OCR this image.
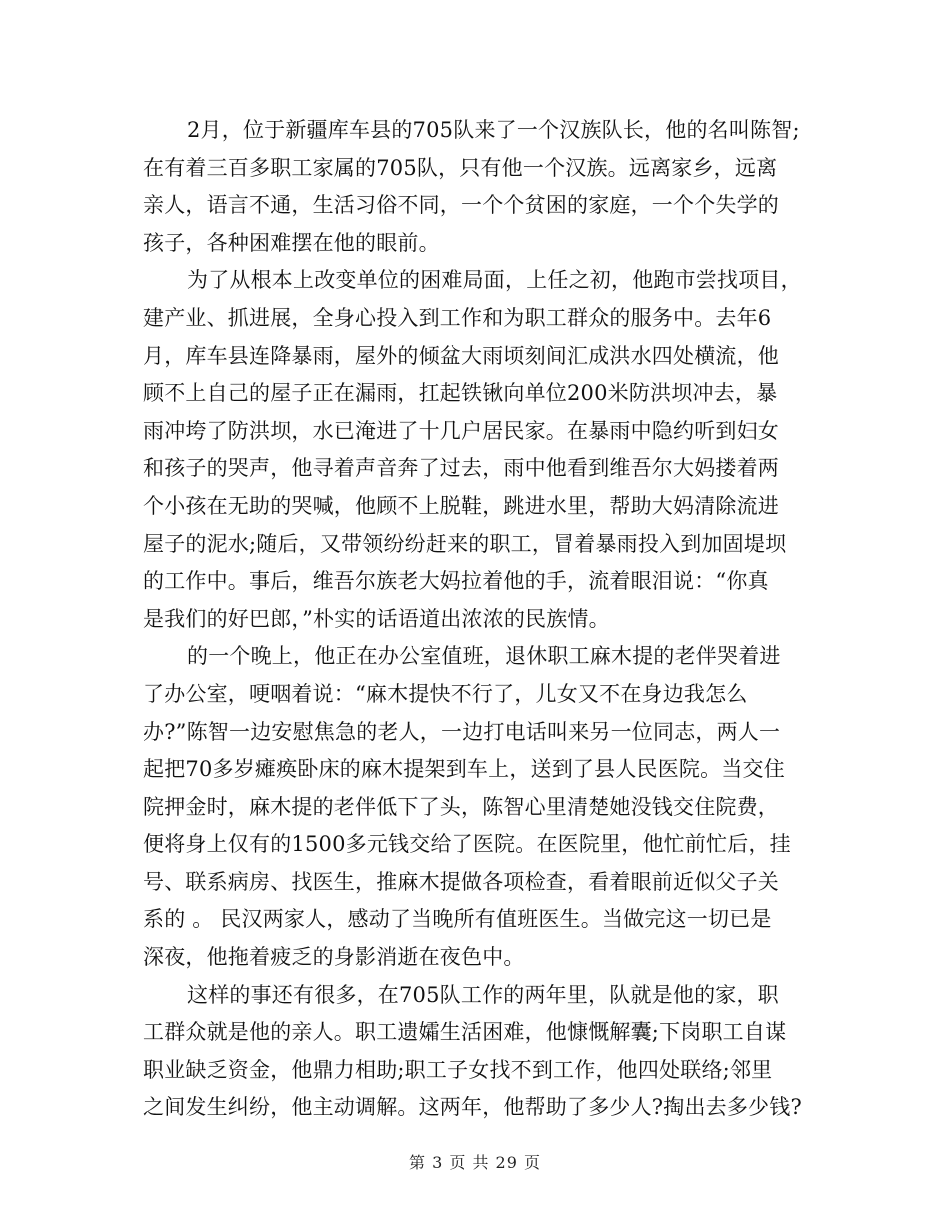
2月，位于新疆库车县的705队来了一个汉族队长，他的名叫陈智;
在有着三百多职工家属的705队，只有他一个汉族。远离家乡，远离
亲人，语言不通，生活习俗不同，一个个贫困的家庭，一个个失学的
孩子，各种困难摆在他的眼前。
为了从根本上改变单位的困难局面，上任之初，他跑市尝找项目，
建产业、抓进展，全身心投入到工作和为职工群众的服务中。去年6
月，库车县连降暴雨，屋外的倾盆大雨顷刻间汇成洪水四处横流，他
顾不上自己的屋子正在漏雨，扛起铁锹向单位200米防洪坝冲去，暴
雨冲垮了防洪坝，水已淹进了十几户居民家。在暴雨中隐约听到妇女
和孩子的哭声，他寻着声音奔了过去，雨中他看到维吾尔大妈搂着两
个小孩在无助的哭喊，他顾不上脱鞋，跳进水里，帮助大妈清除流进
屋子的泥水;随后，又带领纷纷赶来的职工，冒着暴雨投入到加固堤坝
的工作中。事后，维吾尔族老大妈拉着他的手，流着眼泪说：“你真
是我们的好巴郎，”朴实的话语道出浓浓的民族情。
的一个晚上，他正在办公室值班，退休职工麻木提的老伴哭着进
了办公室，哽咽着说：“麻木提快不行了，儿女又不在身边我怎么
办?”陈智一边安慰焦急的老人，一边打电话叫来另一位同志，两人一
起把70多岁瘫痪卧床的麻木提架到车上，送到了县人民医院。当交住
院押金时，麻木提的老伴低下了头，陈智心里清楚她没钱交住院费，
便将身上仅有的1500多元钱交给了医院。在医院里，他忙前忙后，挂
号、联系病房、找医生，推麻木提做各项检查，看着眼前近似父子关
系的 。 民汉两家人，感动了当晚所有值班医生。当做完这一切已是
深夜，他拖着疲乏的身影消逝在夜色中。
这样的事还有很多，在705队工作的两年里，队就是他的家，职
工群众就是他的亲人。职工遗孀生活困难，他慷慨解囊;下岗职工自谋
职业缺乏资金，他鼎力相助;职工子女找不到工作，他四处联络;邻里
之间发生纠纷，他主动调解。这两年，他帮助了多少人?掏出去多少钱?
第 3 页 共 29 页
